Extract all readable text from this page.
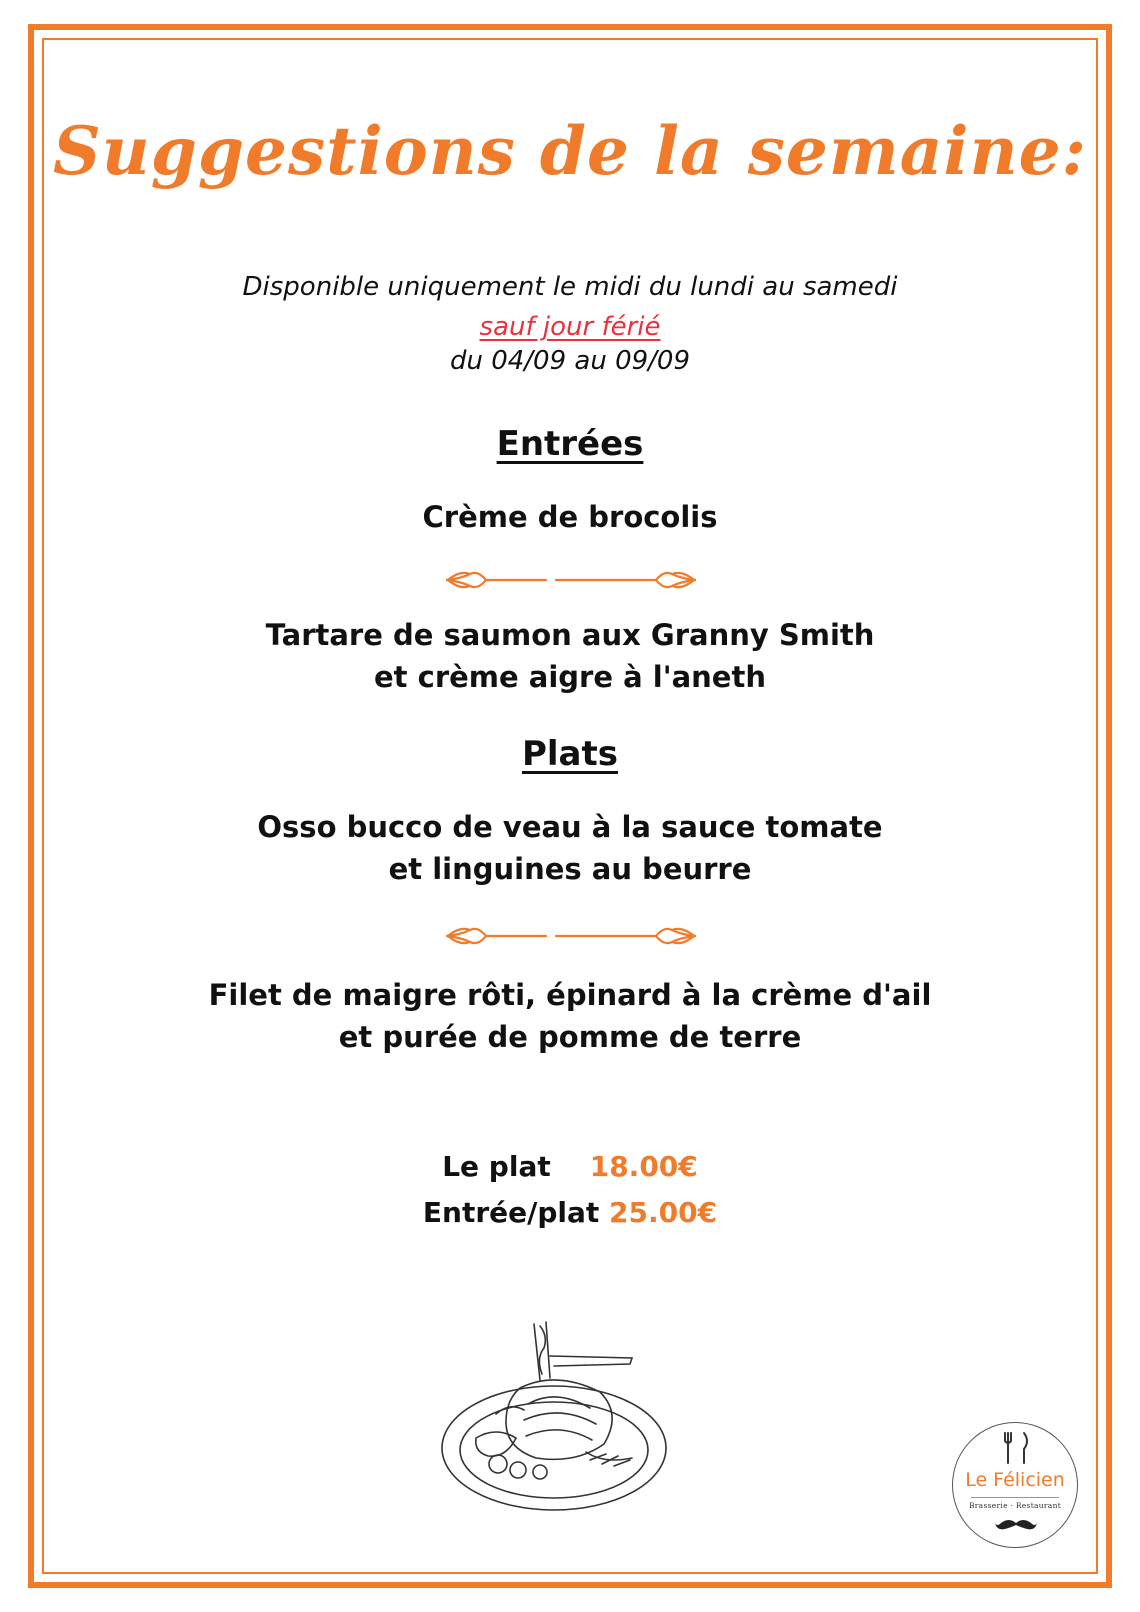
Suggestions de la semaine:
Disponible uniquement le midi du lundi au samedi
sauf jour férié
du 04/09 au 09/09
Entrées
Crème de brocolis
Tartare de saumon aux Granny Smith
et crème aigre à l'aneth
Plats
Osso bucco de veau à la sauce tomate
et linguines au beurre
Filet de maigre rôti, épinard à la crème d'ail
et purée de pomme de terre
Le plat 18.00€
Entrée/plat 25.00€
Le Félicien
Brasserie · Restaurant
